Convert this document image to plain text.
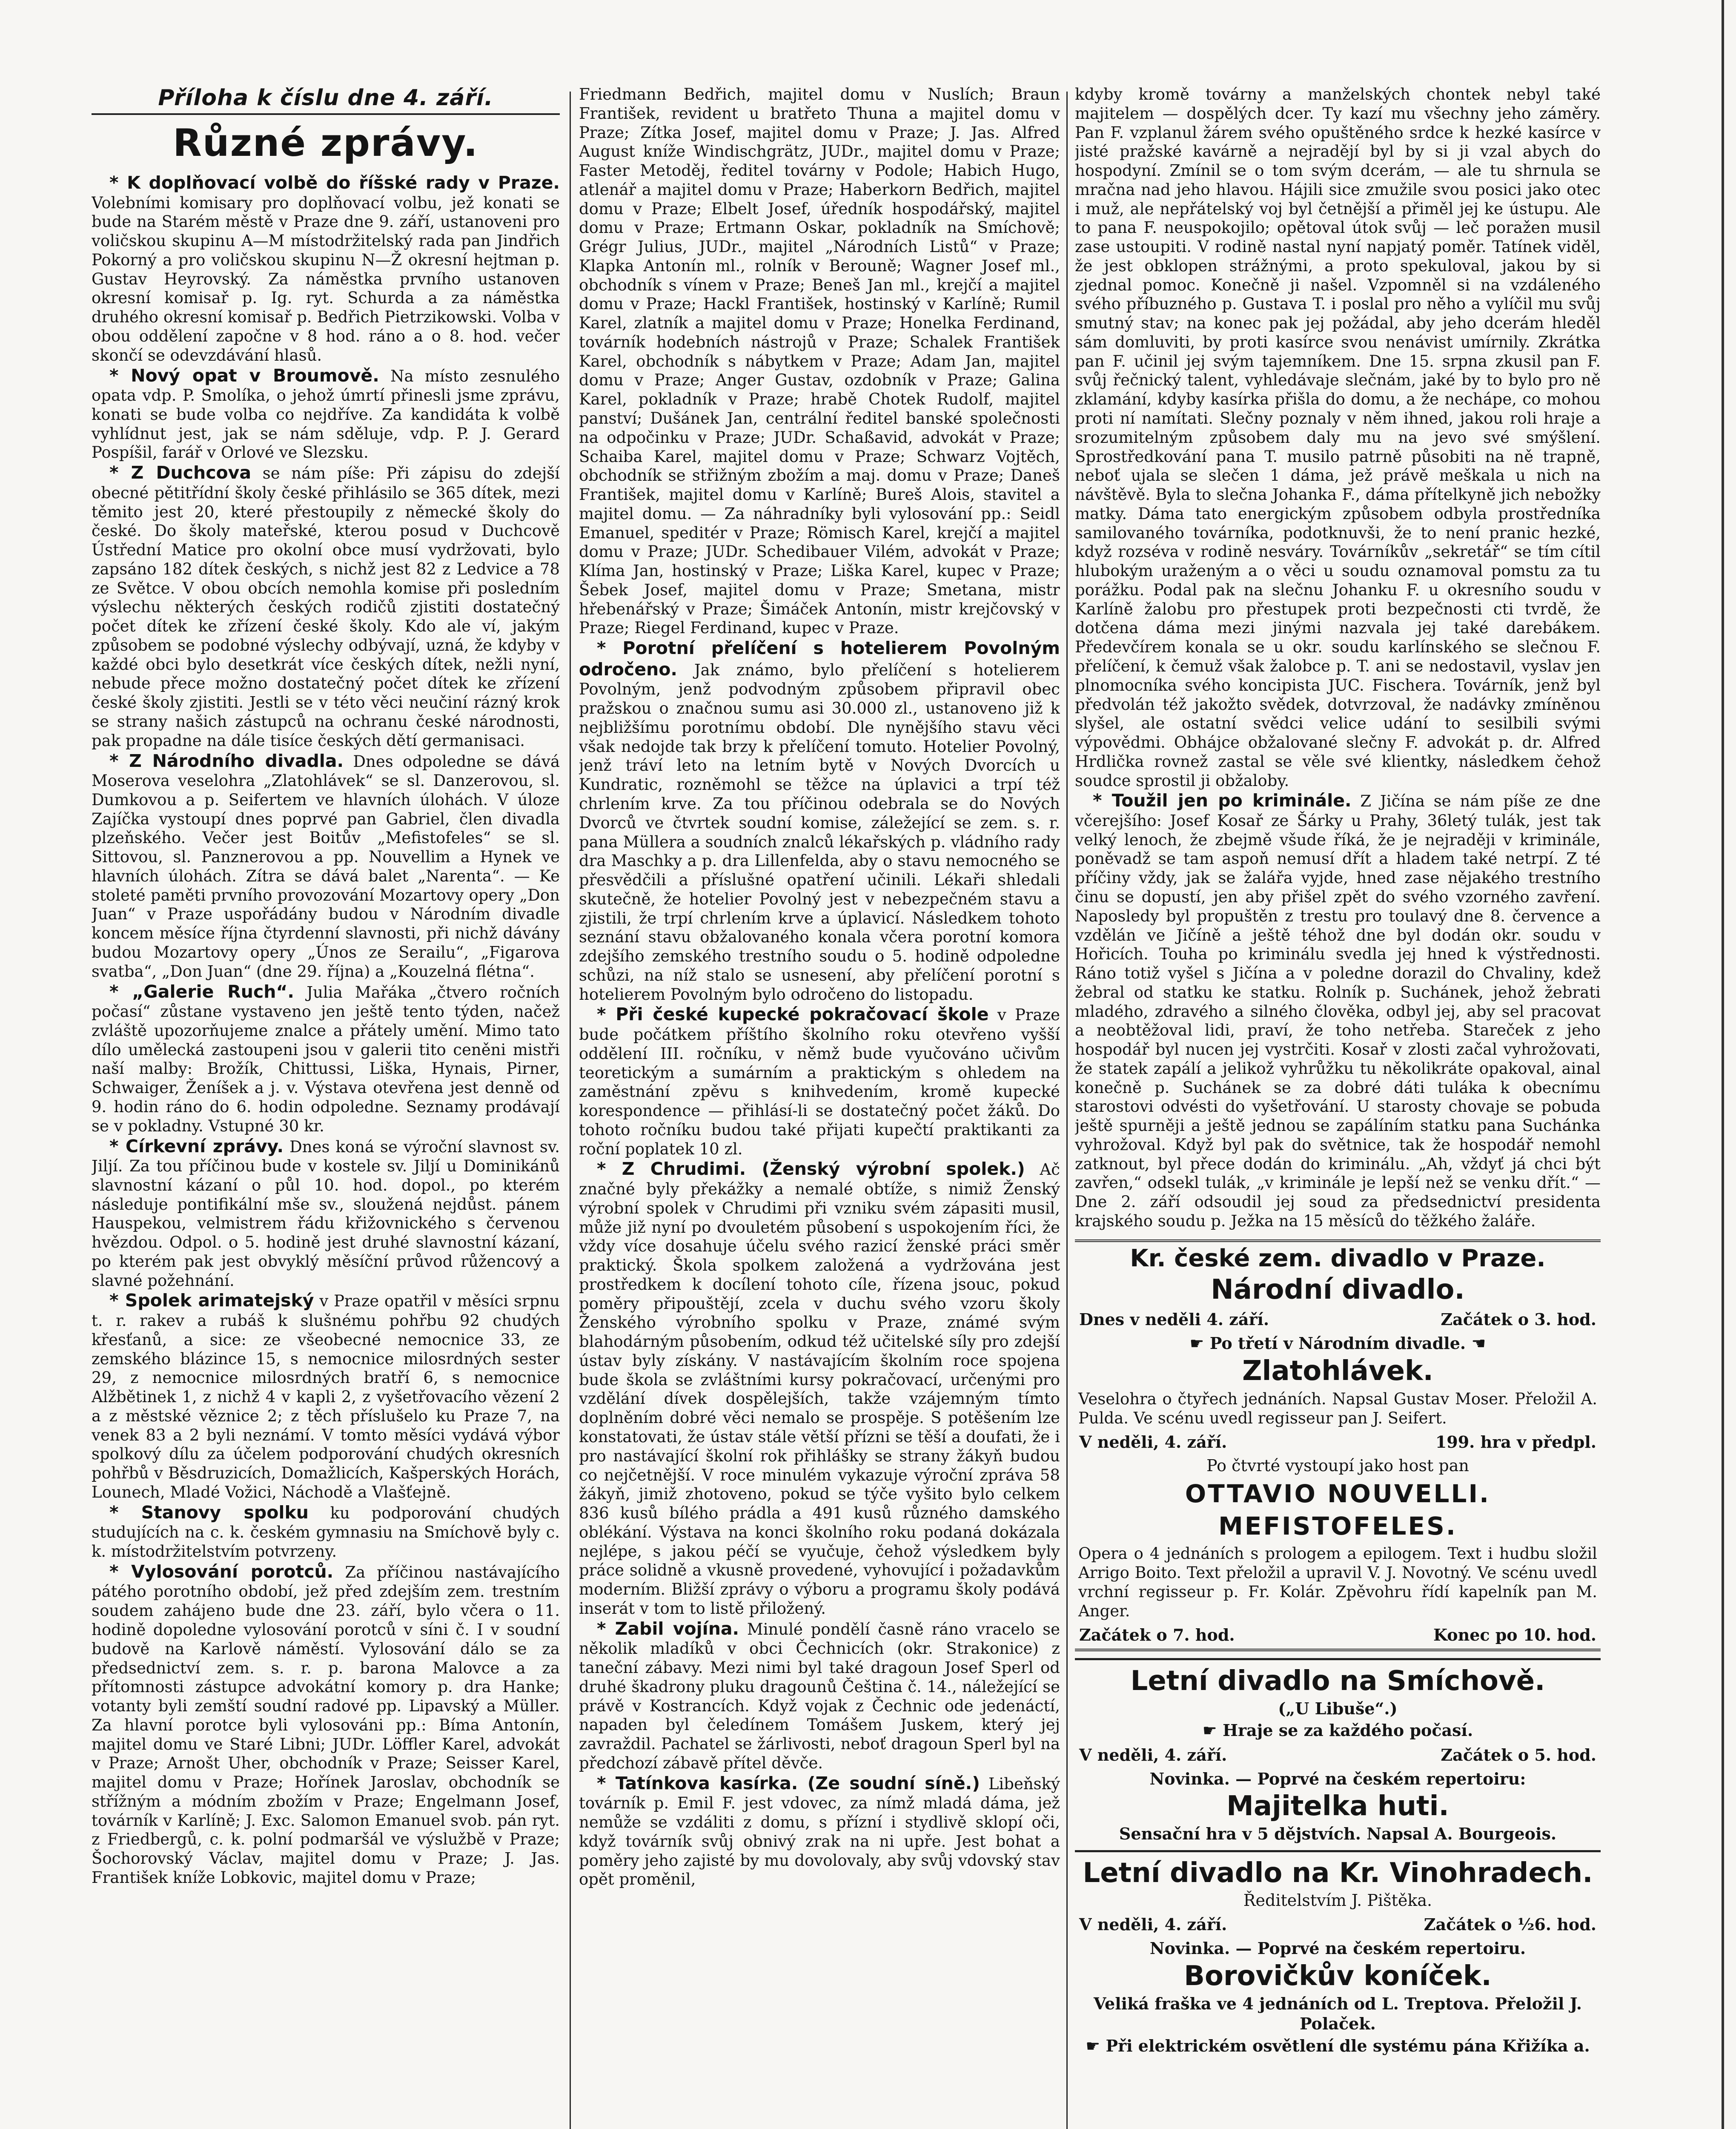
Příloha k číslu dne 4. září.
Různé zprávy.

* K doplňovací volbě do říšské rady v Praze. Volebními komisary pro doplňovací volbu, jež konati se bude na Starém městě v Praze dne 9. září, ustanoveni pro voličskou skupinu A—M místodržitelský rada pan Jindřich Pokorný a pro voličskou skupinu N—Ž okresní hejtman p. Gustav Heyrovský. Za náměstka prvního ustanoven okresní komisař p. Ig. ryt. Schurda a za náměstka druhého okresní komisař p. Bedřich Pietrzikowski. Volba v obou oddělení započne v 8 hod. ráno a o 8. hod. večer skončí se odevzdávání hlasů.

* Nový opat v Broumově. Na místo zesnulého opata vdp. P. Smolíka, o jehož úmrtí přinesli jsme zprávu, konati se bude volba co nejdříve. Za kandidáta k volbě vyhlídnut jest, jak se nám sděluje, vdp. P. J. Gerard Pospíšil, farář v Orlové ve Slezsku.

* Z Duchcova se nám píše: Při zápisu do zdejší obecné pětitřídní školy české přihlásilo se 365 dítek, mezi těmito jest 20, které přestoupily z německé školy do české. Do školy mateřské, kterou posud v Duchcově Ústřední Matice pro okolní obce musí vydržovati, bylo zapsáno 182 dítek českých, s nichž jest 82 z Ledvice a 78 ze Světce. V obou obcích nemohla komise při posledním výslechu některých českých rodičů zjistiti dostatečný počet dítek ke zřízení české školy. Kdo ale ví, jakým způsobem se podobné výslechy odbývají, uzná, že kdyby v každé obci bylo desetkrát více českých dítek, nežli nyní, nebude přece možno dostatečný počet dítek ke zřízení české školy zjistiti. Jestli se v této věci neučiní rázný krok se strany našich zástupců na ochranu české národnosti, pak propadne na dále tisíce českých dětí germanisaci.

* Z Národního divadla. Dnes odpoledne se dává Moserova veselohra „Zlatohlávek“ se sl. Danzerovou, sl. Dumkovou a p. Seifertem ve hlavních úlohách. V úloze Zajíčka vystoupí dnes poprvé pan Gabriel, člen divadla plzeňského. Večer jest Boitův „Mefistofeles“ se sl. Sittovou, sl. Panznerovou a pp. Nouvellim a Hynek ve hlavních úlohách. Zítra se dává balet „Narenta“. — Ke stoleté paměti prvního provozování Mozartovy opery „Don Juan“ v Praze uspořádány budou v Národním divadle koncem měsíce října čtyrdenní slavnosti, při nichž dávány budou Mozartovy opery „Únos ze Serailu“, „Figarova svatba“, „Don Juan“ (dne 29. října) a „Kouzelná flétna“.

* „Galerie Ruch“. Julia Mařáka „čtvero ročních počasí“ zůstane vystaveno jen ještě tento týden, načež zvláště upozorňujeme znalce a přátely umění. Mimo tato dílo umělecká zastoupeni jsou v galerii tito ceněni mistři naší malby: Brožík, Chittussi, Liška, Hynais, Pirner, Schwaiger, Ženíšek a j. v. Výstava otevřena jest denně od 9. hodin ráno do 6. hodin odpoledne. Seznamy prodávají se v pokladny. Vstupné 30 kr.

* Církevní zprávy. Dnes koná se výroční slavnost sv. Jiljí. Za tou příčinou bude v kostele sv. Jiljí u Dominikánů slavnostní kázaní o půl 10. hod. dopol., po kterém následuje pontifikální mše sv., sloužená nejdůst. pánem Hauspekou, velmistrem řádu křižovnického s červenou hvězdou. Odpol. o 5. hodině jest druhé slavnostní kázaní, po kterém pak jest obvyklý měsíční průvod růžencový a slavné požehnání.

* Spolek arimatejský v Praze opatřil v měsíci srpnu t. r. rakev a rubáš k slušnému pohřbu 92 chudých křesťanů, a sice: ze všeobecné nemocnice 33, ze zemského blázince 15, s nemocnice milosrdných sester 29, z nemocnice milosrdných bratří 6, s nemocnice Alžbětinek 1, z nichž 4 v kapli 2, z vyšetřovacího vězení 2 a z městské věznice 2; z těch příslušelo ku Praze 7, na venek 83 a 2 byli neznámí. V tomto měsíci vydává výbor spolkový dílu za účelem podporování chudých okresních pohřbů v Běsdruzicích, Domažlicích, Kašperských Horách, Lounech, Mladé Vožici, Náchodě a Vlašťejně.

* Stanovy spolku ku podporování chudých studujících na c. k. českém gymnasiu na Smíchově byly c. k. místodržitelstvím potvrzeny.

* Vylosování porotců. Za příčinou nastávajícího pátého porotního období, jež před zdejším zem. trestním soudem zahájeno bude dne 23. září, bylo včera o 11. hodině dopoledne vylosování porotců v síni č. I v soudní budově na Karlově náměstí. Vylosování dálo se za předsednictví zem. s. r. p. barona Malovce a za přítomnosti zástupce advokátní komory p. dra Hanke; votanty byli zemští soudní radové pp. Lipavský a Müller. Za hlavní porotce byli vylosováni pp.: Bíma Antonín, majitel domu ve Staré Libni; JUDr. Löffler Karel, advokát v Praze; Arnošt Uher, obchodník v Praze; Seisser Karel, majitel domu v Praze; Hořínek Jaroslav, obchodník se střížným a módním zbožím v Praze; Engelmann Josef, továrník v Karlíně; J. Exc. Salomon Emanuel svob. pán ryt. z Friedbergů, c. k. polní podmaršál ve výslužbě v Praze; Šochorovský Václav, majitel domu v Praze; J. Jas. František kníže Lobkovic, majitel domu v Praze;

Friedmann Bedřich, majitel domu v Nuslích; Braun František, revident u bratřeto Thuna a majitel domu v Praze; Zítka Josef, majitel domu v Praze; J. Jas. Alfred August kníže Windischgrätz, JUDr., majitel domu v Praze; Faster Metoděj, ředitel továrny v Podole; Habich Hugo, atlenář a majitel domu v Praze; Haberkorn Bedřich, majitel domu v Praze; Elbelt Josef, úředník hospodářský, majitel domu v Praze; Ertmann Oskar, pokladník na Smíchově; Grégr Julius, JUDr., majitel „Národních Listů“ v Praze; Klapka Antonín ml., rolník v Berouně; Wagner Josef ml., obchodník s vínem v Praze; Beneš Jan ml., krejčí a majitel domu v Praze; Hackl František, hostinský v Karlíně; Rumil Karel, zlatník a majitel domu v Praze; Honelka Ferdinand, továrník hodebních nástrojů v Praze; Schalek František Karel, obchodník s nábytkem v Praze; Adam Jan, majitel domu v Praze; Anger Gustav, ozdobník v Praze; Galina Karel, pokladník v Praze; hrabě Chotek Rudolf, majitel panství; Dušánek Jan, centrální ředitel banské společnosti na odpočinku v Praze; JUDr. Schaßavid, advokát v Praze; Schaiba Karel, majitel domu v Praze; Schwarz Vojtěch, obchodník se střižným zbožím a maj. domu v Praze; Daneš František, majitel domu v Karlíně; Bureš Alois, stavitel a majitel domu. — Za náhradníky byli vylosování pp.: Seidl Emanuel, speditér v Praze; Römisch Karel, krejčí a majitel domu v Praze; JUDr. Schedibauer Vilém, advokát v Praze; Klíma Jan, hostinský v Praze; Liška Karel, kupec v Praze; Šebek Josef, majitel domu v Praze; Smetana, mistr hřebenářský v Praze; Šimáček Antonín, mistr krejčovský v Praze; Riegel Ferdinand, kupec v Praze.

* Porotní přelíčení s hotelierem Povolným odročeno. Jak známo, bylo přelíčení s hotelierem Povolným, jenž podvodným způsobem připravil obec pražskou o značnou sumu asi 30.000 zl., ustanoveno již k nejbližšímu porotnímu období. Dle nynějšího stavu věci však nedojde tak brzy k přelíčení tomuto. Hotelier Povolný, jenž tráví leto na letním bytě v Nových Dvorcích u Kundratic, rozněmohl se těžce na úplavici a trpí též chrlením krve. Za tou příčinou odebrala se do Nových Dvorců ve čtvrtek soudní komise, záležející se zem. s. r. pana Müllera a soudních znalců lékařských p. vládního rady dra Maschky a p. dra Lillenfelda, aby o stavu nemocného se přesvědčili a příslušné opatření učinili. Lékaři shledali skutečně, že hotelier Povolný jest v nebezpečném stavu a zjistili, že trpí chrlením krve a úplavicí. Následkem tohoto seznání stavu obžalovaného konala včera porotní komora zdejšího zemského trestního soudu o 5. hodině odpoledne schůzi, na níž stalo se usnesení, aby přelíčení porotní s hotelierem Povolným bylo odročeno do listopadu.

* Při české kupecké pokračovací škole v Praze bude počátkem příštího školního roku otevřeno vyšší oddělení III. ročníku, v němž bude vyučováno učivům teoretickým a sumárním a praktickým s ohledem na zaměstnání zpěvu s knihvedením, kromě kupecké korespondence — přihlásí-li se dostatečný počet žáků. Do tohoto ročníku budou také přijati kupečtí praktikanti za roční poplatek 10 zl.

* Z Chrudimi. (Ženský výrobní spolek.) Ač značné byly překážky a nemalé obtíže, s nimiž Ženský výrobní spolek v Chrudimi při vzniku svém zápasiti musil, může již nyní po dvouletém působení s uspokojením říci, že vždy více dosahuje účelu svého razicí ženské práci směr praktický. Škola spolkem založená a vydržována jest prostředkem k docílení tohoto cíle, řízena jsouc, pokud poměry připouštějí, zcela v duchu svého vzoru školy Ženského výrobního spolku v Praze, známé svým blahodárným působením, odkud též učitelské síly pro zdejší ústav byly získány. V nastávajícím školním roce spojena bude škola se zvláštními kursy pokračovací, určenými pro vzdělání dívek dospělejších, takže vzájemným tímto doplněním dobré věci nemalo se prospěje. S potěšením lze konstatovati, že ústav stále větší přízni se těší a doufati, že i pro nastávající školní rok přihlášky se strany žákyň budou co nejčetnější. V roce minulém vykazuje výroční zpráva 58 žákyň, jimiž zhotoveno, pokud se týče vyšito bylo celkem 836 kusů bílého prádla a 491 kusů různého damského oblékání. Výstava na konci školního roku podaná dokázala nejlépe, s jakou péčí se vyučuje, čehož výsledkem byly práce solidně a vkusně provedené, vyhovující i požadavkům moderním. Bližší zprávy o výboru a programu školy podává inserát v tom to listě přiložený.

* Zabil vojína. Minulé pondělí časně ráno vracelo se několik mladíků v obci Čechnicích (okr. Strakonice) z taneční zábavy. Mezi nimi byl také dragoun Josef Sperl od druhé škadrony pluku dragounů Čeština č. 14., náležející se právě v Kostrancích. Když vojak z Čechnic ode jedenáctí, napaden byl čeledínem Tomášem Juskem, který jej zavraždil. Pachatel se žárlivosti, neboť dragoun Sperl byl na předchozí zábavě přítel děvče.

* Tatínkova kasírka. (Ze soudní síně.) Libeňský továrník p. Emil F. jest vdovec, za nímž mladá dáma, jež nemůže se vzdáliti z domu, s přízní i stydlivě sklopí oči, když továrník svůj obnivý zrak na ni upře. Jest bohat a poměry jeho zajisté by mu dovolovaly, aby svůj vdovský stav opět proměnil,

kdyby kromě továrny a manželských chontek nebyl také majitelem — dospělých dcer. Ty kazí mu všechny jeho záměry. Pan F. vzplanul žárem svého opuštěného srdce k hezké kasírce v jisté pražské kavárně a nejradějí byl by si ji vzal abych do hospodyní. Zmínil se o tom svým dcerám, — ale tu shrnula se mračna nad jeho hlavou. Hájili sice zmužile svou posici jako otec i muž, ale nepřátelský voj byl četnější a přiměl jej ke ústupu. Ale to pana F. neuspokojilo; opětoval útok svůj — leč poražen musil zase ustoupiti. V rodině nastal nyní napjatý poměr. Tatínek viděl, že jest obklopen strážnými, a proto spekuloval, jakou by si zjednal pomoc. Konečně ji našel. Vzpomněl si na vzdáleného svého příbuzného p. Gustava T. i poslal pro něho a vylíčil mu svůj smutný stav; na konec pak jej požádal, aby jeho dcerám hleděl sám domluviti, by proti kasírce svou nenávist umírnily. Zkrátka pan F. učinil jej svým tajemníkem. Dne 15. srpna zkusil pan F. svůj řečnický talent, vyhledávaje slečnám, jaké by to bylo pro ně zklamání, kdyby kasírka přišla do domu, a že nechápe, co mohou proti ní namítati. Slečny poznaly v něm ihned, jakou roli hraje a srozumitelným způsobem daly mu na jevo své smýšlení. Sprostředkování pana T. musilo patrně působiti na ně trapně, neboť ujala se slečen 1 dáma, jež právě meškala u nich na návštěvě. Byla to slečna Johanka F., dáma přítelkyně jich nebožky matky. Dáma tato energickým způsobem odbyla prostředníka samilovaného továrníka, podotknuvši, že to není pranic hezké, když rozséva v rodině nesváry. Továrníkův „sekretář“ se tím cítil hlubokým uraženým a o věci u soudu oznamoval pomstu za tu porážku. Podal pak na slečnu Johanku F. u okresního soudu v Karlíně žalobu pro přestupek proti bezpečnosti cti tvrdě, že dotčena dáma mezi jinými nazvala jej také darebákem. Předevčírem konala se u okr. soudu karlínského se slečnou F. přelíčení, k čemuž však žalobce p. T. ani se nedostavil, vyslav jen plnomocníka svého koncipista JUC. Fischera. Továrník, jenž byl předvolán též jakožto svědek, dotvrzoval, že nadávky zmíněnou slyšel, ale ostatní svědci velice udání to sesilbili svými výpovědmi. Obhájce obžalované slečny F. advokát p. dr. Alfred Hrdlička rovnež zastal se věle své klientky, následkem čehož soudce sprostil ji obžaloby.

* Toužil jen po kriminále. Z Jičína se nám píše ze dne včerejšího: Josef Kosař ze Šárky u Prahy, 36letý tulák, jest tak velký lenoch, že zbejmě všude říká, že je nejraději v kriminále, poněvadž se tam aspoň nemusí dřít a hladem také netrpí. Z té příčiny vždy, jak se žalářa vyjde, hned zase nějakého trestního činu se dopustí, jen aby přišel zpět do svého vzorného zavření. Naposledy byl propuštěn z trestu pro toulavý dne 8. července a vzdělán ve Jičíně a ještě téhož dne byl dodán okr. soudu v Hořicích. Touha po kriminálu svedla jej hned k výstřednosti. Ráno totiž vyšel s Jičína a v poledne dorazil do Chvaliny, kdež žebral od statku ke statku. Rolník p. Suchánek, jehož žebrati mladého, zdravého a silného člověka, odbyl jej, aby sel pracovat a neobtěžoval lidi, praví, že toho netřeba. Stareček z jeho hospodář byl nucen jej vystrčiti. Kosař v zlosti začal vyhrožovati, že statek zapálí a jelikož vyhrůžku tu několikráte opakoval, ainal konečně p. Suchánek se za dobré dáti tuláka k obecnímu starostovi odvésti do vyšetřování. U starosty chovaje se pobuda ještě spurněji a ještě jednou se zapálíním statku pana Suchánka vyhrožoval. Když byl pak do světnice, tak že hospodář nemohl zatknout, byl přece dodán do kriminálu. „Ah, vždyť já chci být zavřen,“ odsekl tulák, „v kriminále je lepší než se venku dřít.“ — Dne 2. září odsoudil jej soud za předsednictví presidenta krajského soudu p. Ježka na 15 měsíců do těžkého žaláře.

Kr. české zem. divadlo v Praze.
Národní divadlo.
Dnes v neděli 4. září.	Začátek o 3. hod.
☛ Po třetí v Národním divadle. ☚
Zlatohlávek.
Veselohra o čtyřech jednáních. Napsal Gustav Moser. Přeložil A. Pulda. Ve scénu uvedl regisseur pan J. Seifert.
V neděli, 4. září.	199. hra v předpl.
Po čtvrté vystoupí jako host pan
OTTAVIO NOUVELLI.
MEFISTOFELES.
Opera o 4 jednáních s prologem a epilogem. Text i hudbu složil Arrigo Boito. Text přeložil a upravil V. J. Novotný. Ve scénu uvedl vrchní regisseur p. Fr. Kolár. Zpěvohru řídí kapelník pan M. Anger.
Začátek o 7. hod.	Konec po 10. hod.
Letní divadlo na Smíchově.
(„U Libuše“.)
☛ Hraje se za každého počasí.
V neděli, 4. září.	Začátek o 5. hod.
Novinka. — Poprvé na českém repertoiru:
Majitelka huti.
Sensační hra v 5 dějstvích. Napsal A. Bourgeois.
Letní divadlo na Kr. Vinohradech.
Ředitelstvím J. Pištěka.
V neděli, 4. září.	Začátek o ½6. hod.
Novinka. — Poprvé na českém repertoiru.
Borovičkův koníček.
Veliká fraška ve 4 jednáních od L. Treptova. Přeložil J. Polaček.
☛ Při elektrickém osvětlení dle systému pána Křižíka a.
